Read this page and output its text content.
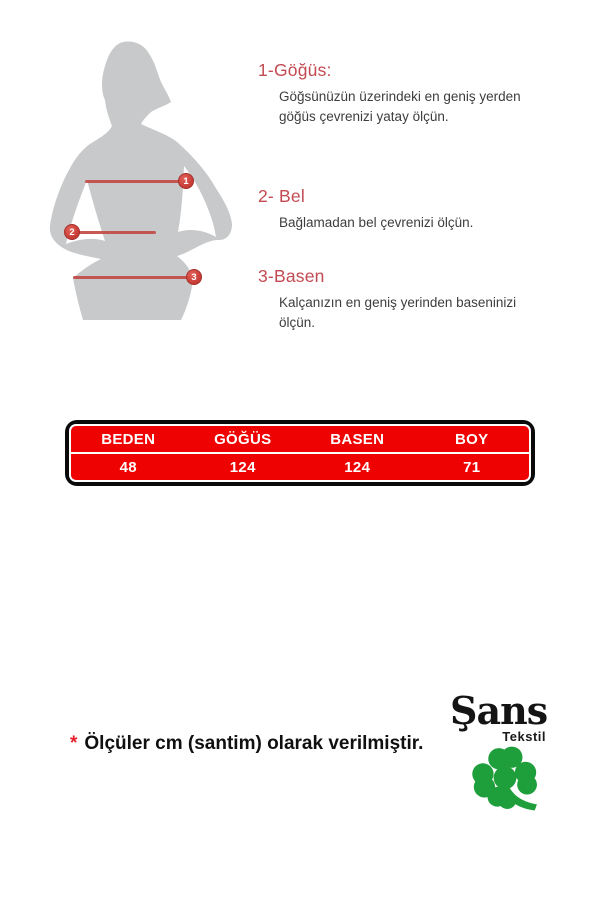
1
2
3
1-Göğüs:
Göğsünüzün üzerindeki en geniş yerden göğüs çevrenizi yatay ölçün.
2- Bel
Bağlamadan bel çevrenizi ölçün.
3-Basen
Kalçanızın en geniş yerinden baseninizi ölçün.
BEDEN	GÖĞÜS	BASEN	BOY
48	124	124	71
* Ölçüler cm (santim) olarak verilmiştir.
Şans
Tekstil
